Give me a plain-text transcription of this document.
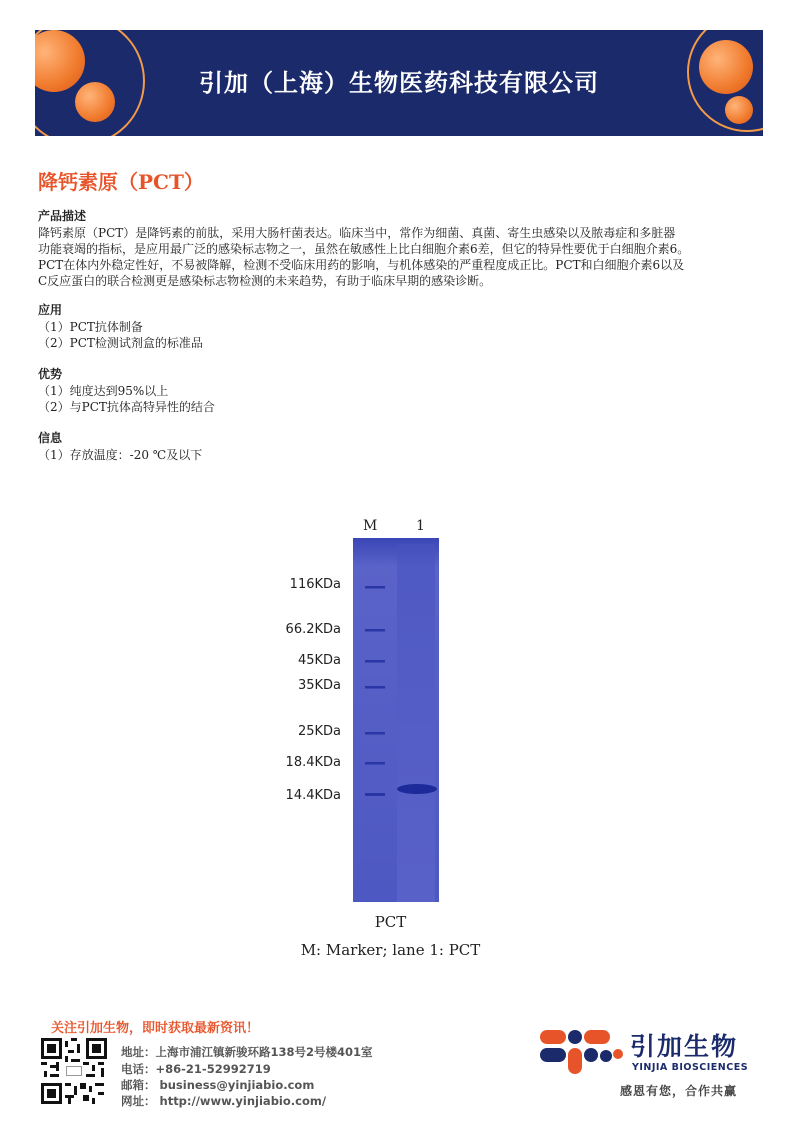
引加（上海）生物医药科技有限公司
降钙素原（PCT）
产品描述
降钙素原（PCT）是降钙素的前肽，采用大肠杆菌表达。临床当中，常作为细菌、真菌、寄生虫感染以及脓毒症和多脏器
功能衰竭的指标，是应用最广泛的感染标志物之一，虽然在敏感性上比白细胞介素6差，但它的特异性要优于白细胞介素6。
PCT在体内外稳定性好，不易被降解，检测不受临床用药的影响，与机体感染的严重程度成正比。PCT和白细胞介素6以及
C反应蛋白的联合检测更是感染标志物检测的未来趋势，有助于临床早期的感染诊断。
应用
（1）PCT抗体制备
（2）PCT检测试剂盒的标准品
优势
（1）纯度达到95%以上
（2）与PCT抗体高特异性的结合
信息
（1）存放温度：-20 ℃及以下
M	1
116KDa
66.2KDa
45KDa
35KDa
25KDa
18.4KDa
14.4KDa
PCT
M: Marker; lane 1: PCT
关注引加生物，即时获取最新资讯！
地址：上海市浦江镇新骏环路138号2号楼401室
电话：+86-21-52992719
邮箱： business@yinjiabio.com
网址： http://www.yinjiabio.com/
引加生物
YINJIA BIOSCIENCES
感恩有您，合作共赢
